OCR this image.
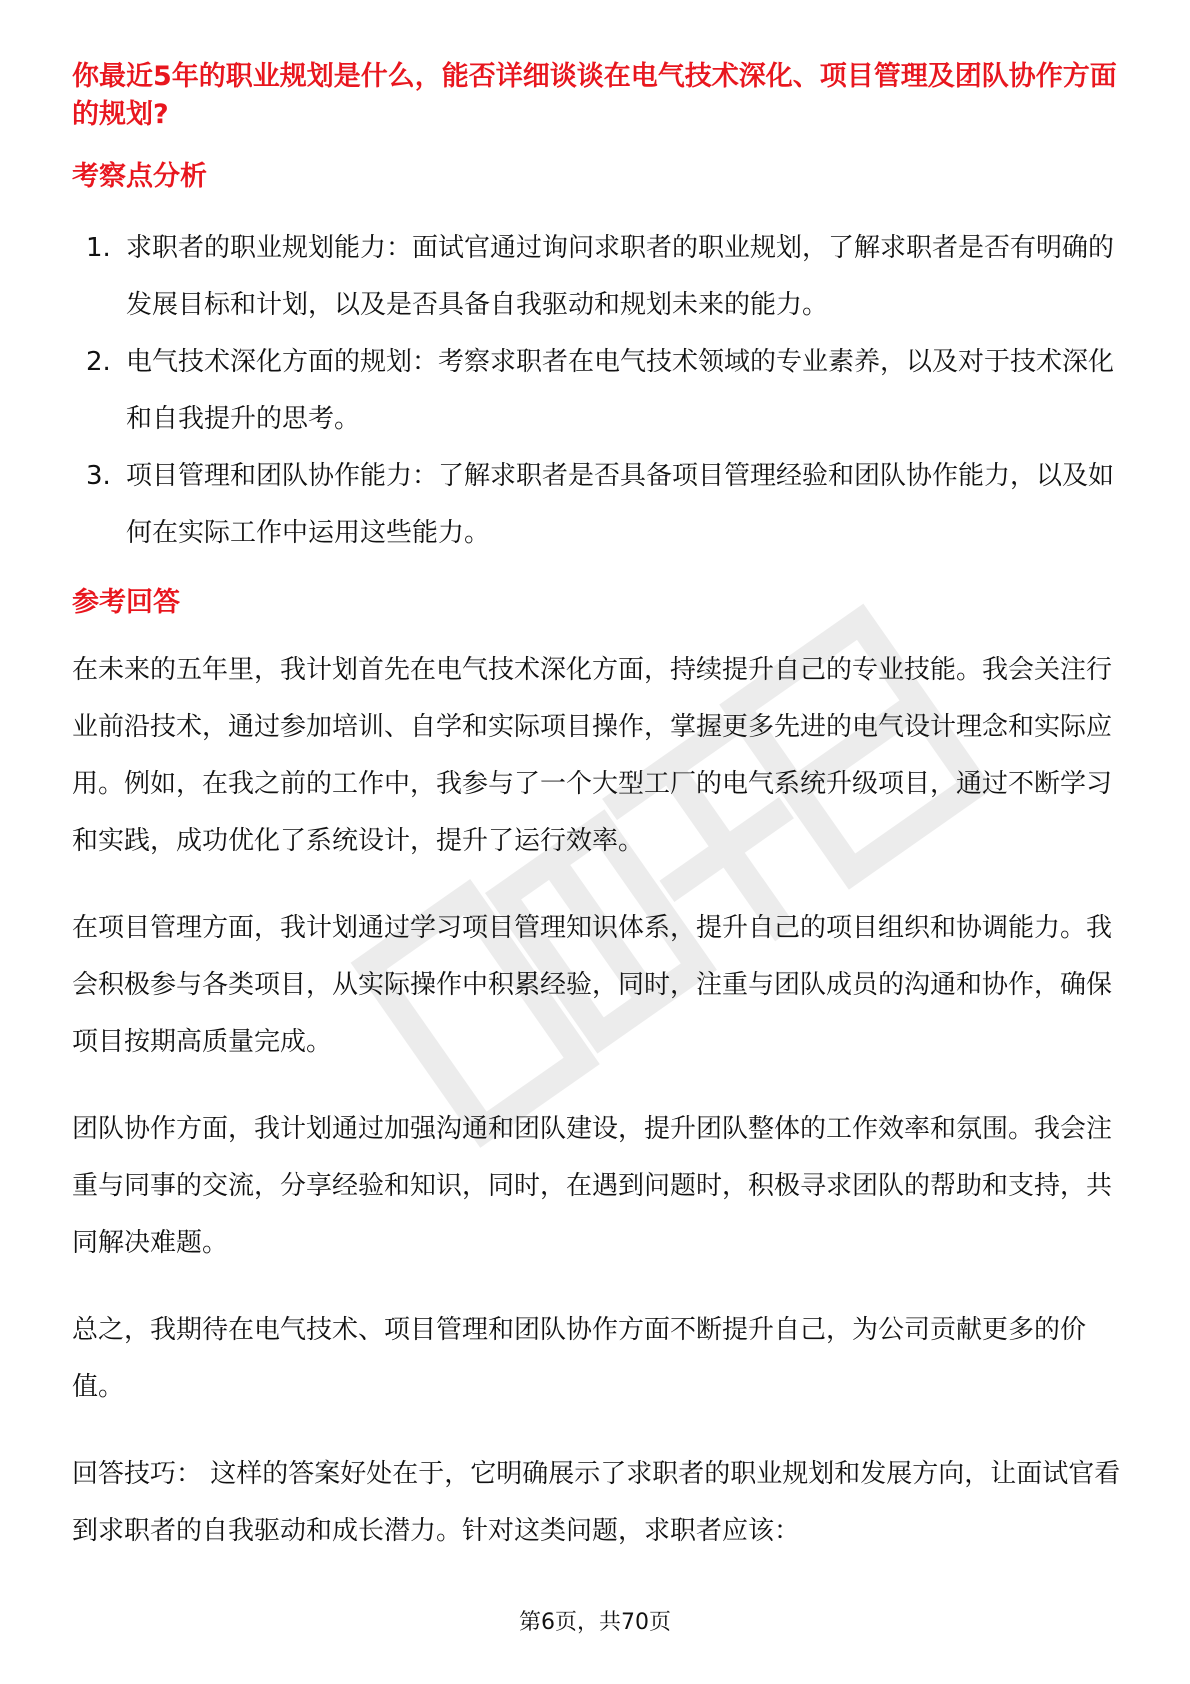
你最近5年的职业规划是什么，能否详细谈谈在电气技术深化、项目管理及团队协作方面的规划?
考察点分析
1. 求职者的职业规划能力：面试官通过询问求职者的职业规划，了解求职者是否有明确的发展目标和计划，以及是否具备自我驱动和规划未来的能力。
2. 电气技术深化方面的规划：考察求职者在电气技术领域的专业素养，以及对于技术深化和自我提升的思考。
3. 项目管理和团队协作能力：了解求职者是否具备项目管理经验和团队协作能力，以及如何在实际工作中运用这些能力。
参考回答

在未来的五年里，我计划首先在电气技术深化方面，持续提升自己的专业技能。我会关注行业前沿技术，通过参加培训、自学和实际项目操作，掌握更多先进的电气设计理念和实际应用。例如，在我之前的工作中，我参与了一个大型工厂的电气系统升级项目，通过不断学习和实践，成功优化了系统设计，提升了运行效率。

在项目管理方面，我计划通过学习项目管理知识体系，提升自己的项目组织和协调能力。我会积极参与各类项目，从实际操作中积累经验，同时，注重与团队成员的沟通和协作，确保项目按期高质量完成。

团队协作方面，我计划通过加强沟通和团队建设，提升团队整体的工作效率和氛围。我会注重与同事的交流，分享经验和知识，同时，在遇到问题时，积极寻求团队的帮助和支持，共同解决难题。

总之，我期待在电气技术、项目管理和团队协作方面不断提升自己，为公司贡献更多的价值。

回答技巧： 这样的答案好处在于，它明确展示了求职者的职业规划和发展方向，让面试官看到求职者的自我驱动和成长潜力。针对这类问题，求职者应该：

第6页，共70页
